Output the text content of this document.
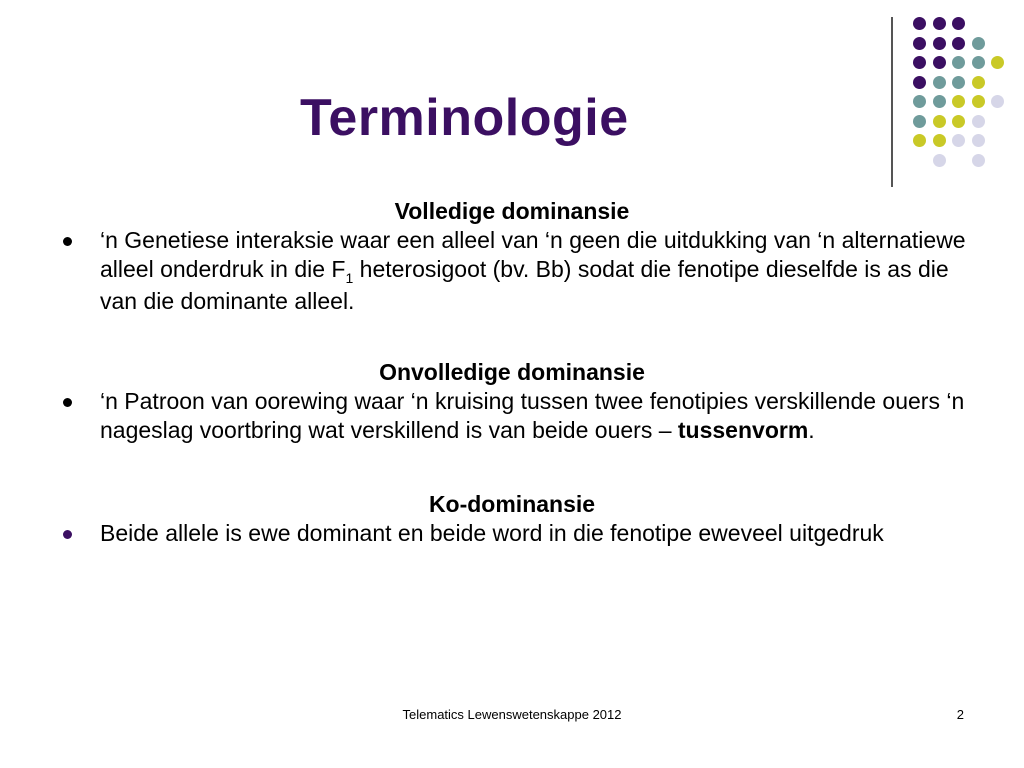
Terminologie

Volledige dominansie

‘n Genetiese interaksie waar een alleel van ‘n geen die uitdukking van ‘n alternatiewe alleel onderdruk in die $F_1$ heterosigoot (bv. Bb) sodat die fenotipe dieselfde is as die van die dominante alleel.

Onvolledige dominansie

‘n Patroon van oorewing waar ‘n kruising tussen twee fenotipies verskillende ouers ‘n nageslag voortbring wat verskillend is van beide ouers – tussenvorm.

Ko-dominansie

Beide allele is ewe dominant en beide word in die fenotipe eweveel uitgedruk
Telematics Lewenswetenskappe 2012	2
